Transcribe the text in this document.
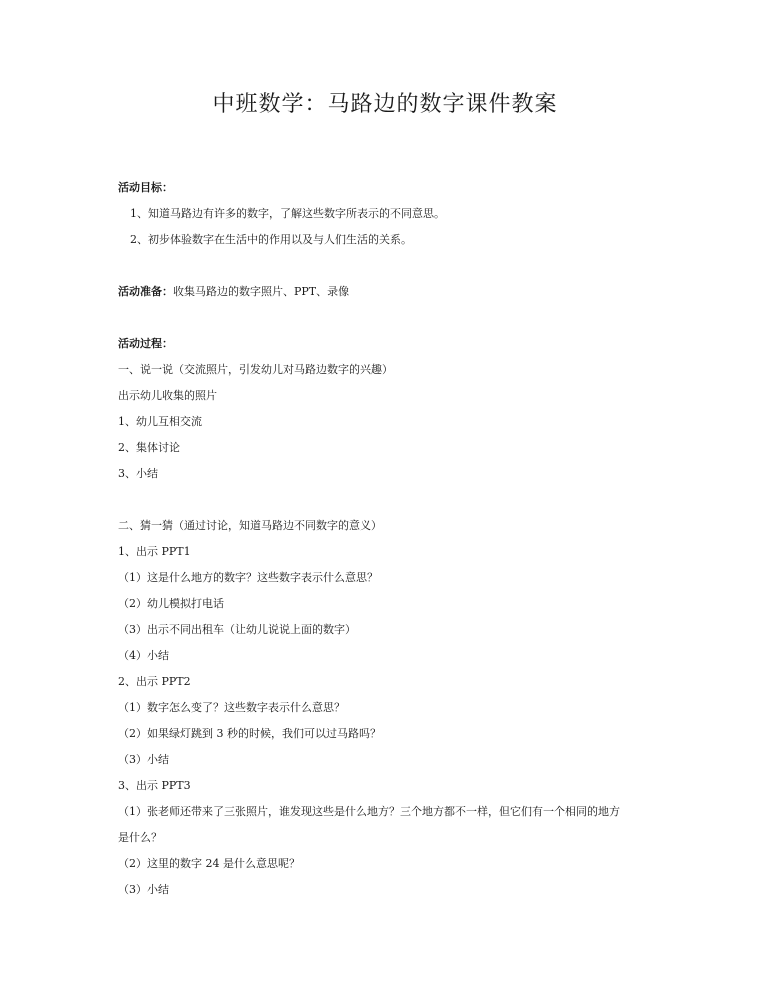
中班数学：马路边的数字课件教案

活动目标：

1、知道马路边有许多的数字，了解这些数字所表示的不同意思。

2、初步体验数字在生活中的作用以及与人们生活的关系。

活动准备：收集马路边的数字照片、PPT、录像

活动过程：

一、说一说（交流照片，引发幼儿对马路边数字的兴趣）

出示幼儿收集的照片

1、幼儿互相交流

2、集体讨论

3、小结

二、猜一猜（通过讨论，知道马路边不同数字的意义）

1、出示 PPT1

（1）这是什么地方的数字？这些数字表示什么意思？

（2）幼儿模拟打电话

（3）出示不同出租车（让幼儿说说上面的数字）

（4）小结

2、出示 PPT2

（1）数字怎么变了？这些数字表示什么意思？

（2）如果绿灯跳到 3 秒的时候，我们可以过马路吗？

（3）小结

3、出示 PPT3

（1）张老师还带来了三张照片，谁发现这些是什么地方？三个地方都不一样，但它们有一个相同的地方

是什么？

（2）这里的数字 24 是什么意思呢？

（3）小结
